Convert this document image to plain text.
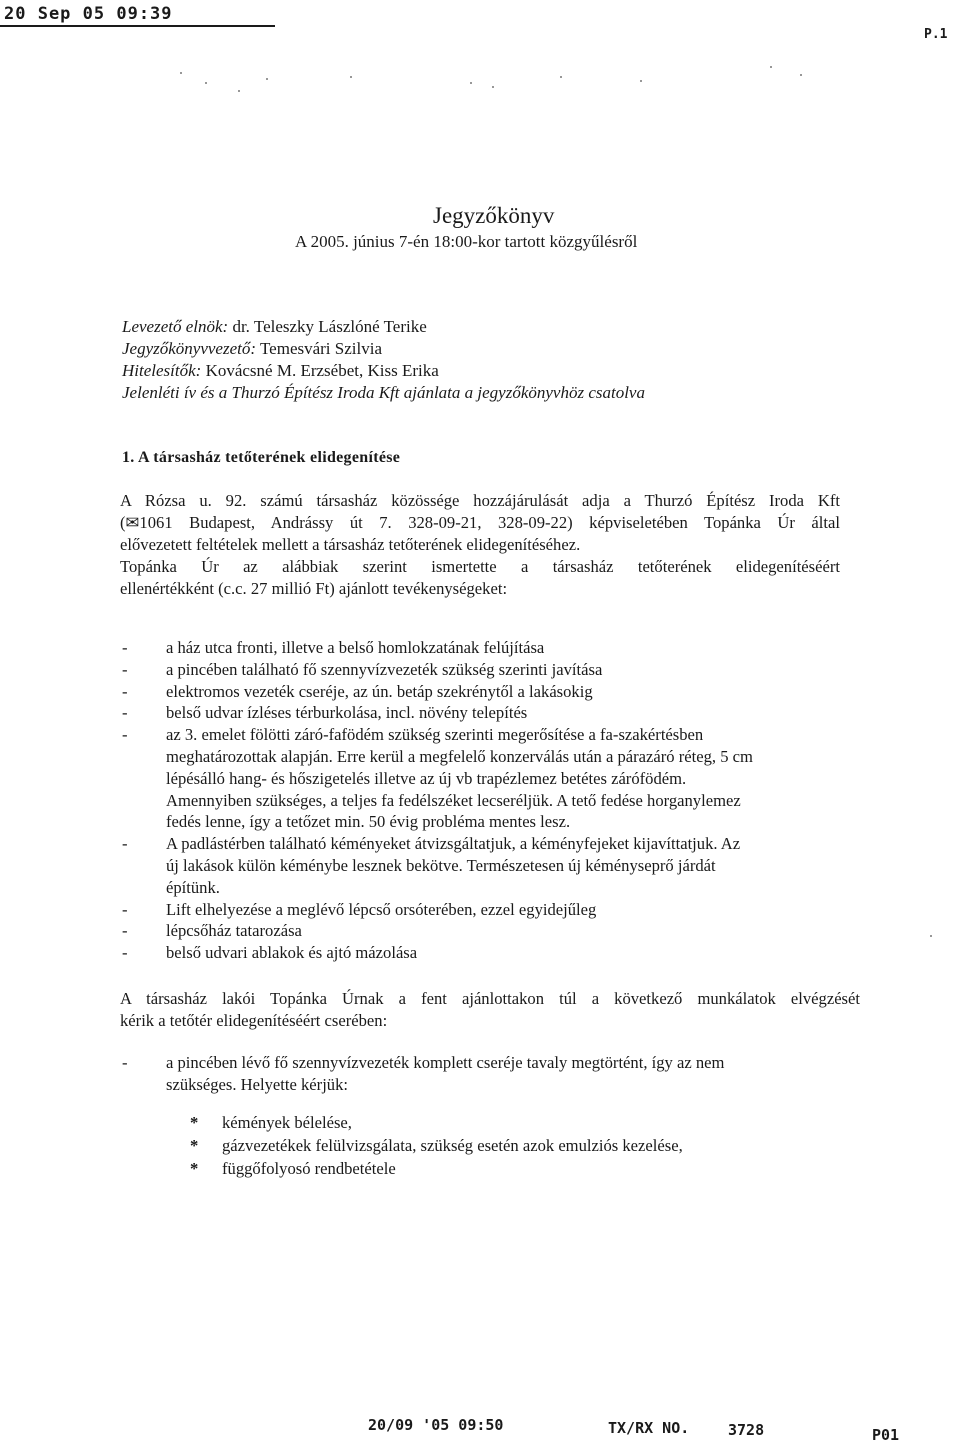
20 Sep 05 09:39
P.1
Jegyzőkönyv
A 2005. június 7-én 18:00-kor tartott közgyűlésről
Levezető elnök: dr. Teleszky Lászlóné Terike
Jegyzőkönyvvezető: Temesvári Szilvia
Hitelesítők: Kovácsné M. Erzsébet, Kiss Erika
Jelenléti ív és a Thurzó Építész Iroda Kft ajánlata a jegyzőkönyvhöz csatolva
1. A társasház tetőterének elidegenítése
A Rózsa u. 92. számú társasház közössége hozzájárulását adja a Thurzó Építész Iroda Kft
(✉1061 Budapest, Andrássy út 7. 328-09-21, 328-09-22) képviseletében Topánka Úr által
elővezetett feltételek mellett a társasház tetőterének elidegenítéséhez.
Topánka Úr az alábbiak szerint ismertette a társasház tetőterének elidegenítéséért
ellenértékként (c.c. 27 millió Ft) ajánlott tevékenységeket:
-	a ház utca fronti, illetve a belső homlokzatának felújítása
-	a pincében található fő szennyvízvezeték szükség szerinti javítása
-	elektromos vezeték cseréje, az ún. betáp szekrénytől a lakásokig
-	belső udvar ízléses térburkolása, incl. növény telepítés
-	az 3. emelet fölötti záró-fafödém szükség szerinti megerősítése a fa-szakértésben
meghatározottak alapján. Erre kerül a megfelelő konzerválás után a párazáró réteg, 5 cm
lépésálló hang- és hőszigetelés illetve az új vb trapézlemez betétes zárófödém.
Amennyiben szükséges, a teljes fa fedélszéket lecseréljük. A tető fedése horganylemez
fedés lenne, így a tetőzet min. 50 évig probléma mentes lesz.
-	A padlástérben található kéményeket átvizsgáltatjuk, a kéményfejeket kijavíttatjuk. Az
új lakások külön kéménybe lesznek bekötve. Természetesen új kéményseprő járdát
építünk.
-	Lift elhelyezése a meglévő lépcső orsóterében, ezzel egyidejűleg
-	lépcsőház tatarozása
-	belső udvari ablakok és ajtó mázolása
A társasház lakói Topánka Úrnak a fent ajánlottakon túl a következő munkálatok elvégzését
kérik a tetőtér elidegenítéséért cserében:
-	a pincében lévő fő szennyvízvezeték komplett cseréje tavaly megtörtént, így az nem
szükséges. Helyette kérjük:
*	kémények bélelése,
*	gázvezetékek felülvizsgálata, szükség esetén azok emulziós kezelése,
*	függőfolyosó rendbetétele
20/09 '05 09:50	TX/RX NO.	3728	P01
